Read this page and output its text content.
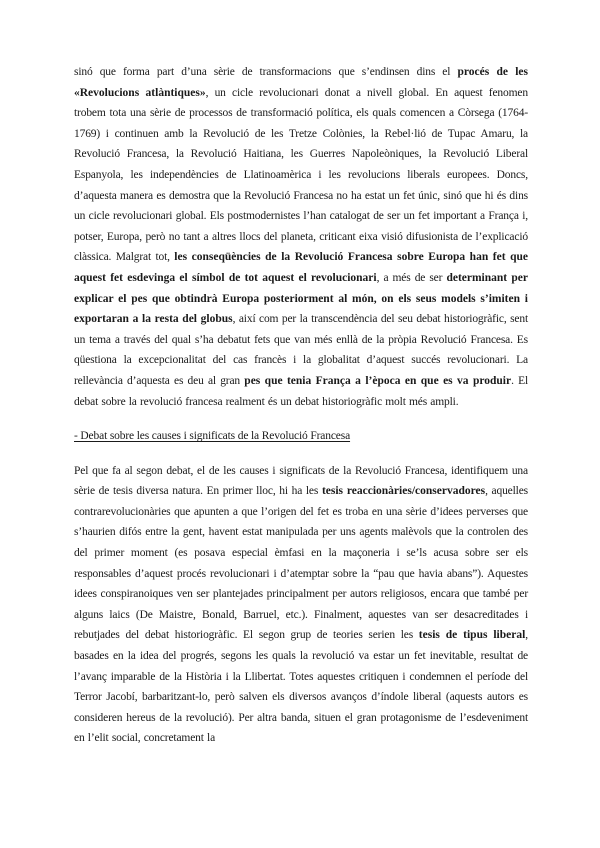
sinó que forma part d’una sèrie de transformacions que s’endinsen dins el procés de les «Revolucions atlàntiques», un cicle revolucionari donat a nivell global. En aquest fenomen trobem tota una sèrie de processos de transformació política, els quals comencen a Còrsega (1764-1769) i continuen amb la Revolució de les Tretze Colònies, la Rebel·lió de Tupac Amaru, la Revolució Francesa, la Revolució Haitiana, les Guerres Napoleòniques, la Revolució Liberal Espanyola, les independències de Llatinoamèrica i les revolucions liberals europees. Doncs, d’aquesta manera es demostra que la Revolució Francesa no ha estat un fet únic, sinó que hi és dins un cicle revolucionari global. Els postmodernistes l’han catalogat de ser un fet important a França i, potser, Europa, però no tant a altres llocs del planeta, criticant eixa visió difusionista de l’explicació clàssica. Malgrat tot, les conseqüències de la Revolució Francesa sobre Europa han fet que aquest fet esdevinga el símbol de tot aquest el revolucionari, a més de ser determinant per explicar el pes que obtindrà Europa posteriorment al món, on els seus models s’imiten i exportaran a la resta del globus, així com per la transcendència del seu debat historiogràfic, sent un tema a través del qual s’ha debatut fets que van més enllà de la pròpia Revolució Francesa. Es qüestiona la excepcionalitat del cas francès i la globalitat d’aquest succés revolucionari. La rellevància d’aquesta es deu al gran pes que tenia França a l’època en que es va produir. El debat sobre la revolució francesa realment és un debat historiogràfic molt més ampli.

- Debat sobre les causes i significats de la Revolució Francesa

Pel que fa al segon debat, el de les causes i significats de la Revolució Francesa, identifiquem una sèrie de tesis diversa natura. En primer lloc, hi ha les tesis reaccionàries/conservadores, aquelles contrarevolucionàries que apunten a que l’origen del fet es troba en una sèrie d’idees perverses que s’haurien difós entre la gent, havent estat manipulada per uns agents malèvols que la controlen des del primer moment (es posava especial èmfasi en la maçoneria i se’ls acusa sobre ser els responsables d’aquest procés revolucionari i d’atemptar sobre la “pau que havia abans”). Aquestes idees conspiranoiques ven ser plantejades principalment per autors religiosos, encara que també per alguns laics (De Maistre, Bonald, Barruel, etc.). Finalment, aquestes van ser desacreditades i rebutjades del debat historiogràfic. El segon grup de teories serien les tesis de tipus liberal, basades en la idea del progrés, segons les quals la revolució va estar un fet inevitable, resultat de l’avanç imparable de la Història i la Llibertat. Totes aquestes critiquen i condemnen el període del Terror Jacobí, barbaritzant-lo, però salven els diversos avanços d’índole liberal (aquests autors es consideren hereus de la revolució). Per altra banda, situen el gran protagonisme de l’esdeveniment en l’elit social, concretament la
